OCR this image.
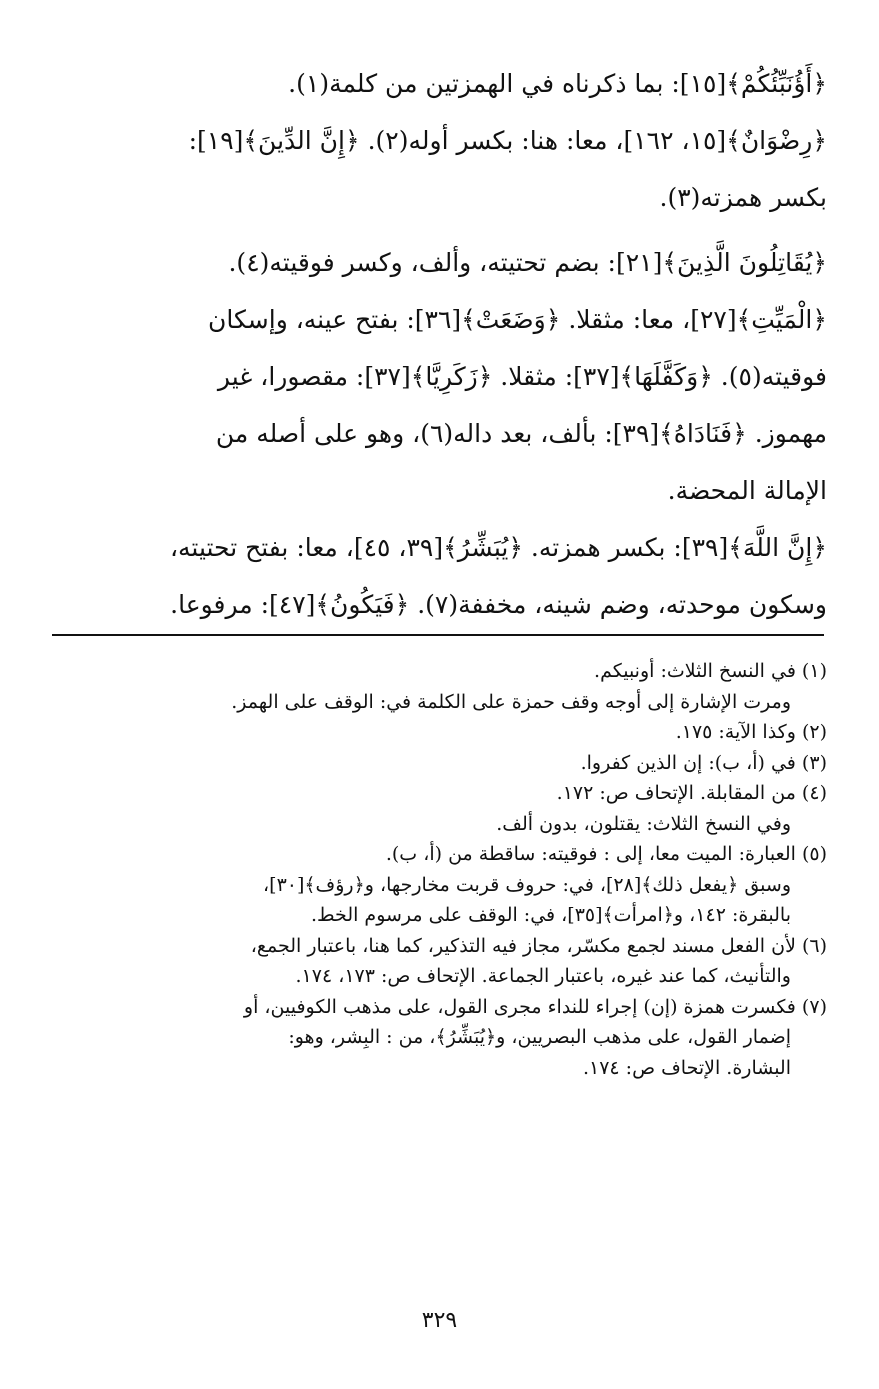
﴿أَؤُنَبِّئُكُمْ﴾[١٥]: بما ذكرناه في الهمزتين من كلمة(١).
﴿رِضْوَانٌ﴾[١٥، ١٦٢]، معا: هنا: بكسر أوله(٢). ﴿إِنَّ الدِّينَ﴾[١٩]:
بكسر همزته(٣).
﴿يُقَاتِلُونَ الَّذِينَ﴾[٢١]: بضم تحتيته، وألف، وكسر فوقيته(٤).
﴿الْمَيِّتِ﴾[٢٧]، معا: مثقلا. ﴿وَضَعَتْ﴾[٣٦]: بفتح عينه، وإسكان
فوقيته(٥). ﴿وَكَفَّلَهَا﴾[٣٧]: مثقلا. ﴿زَكَرِيَّا﴾[٣٧]: مقصورا، غير
مهموز. ﴿فَنَادَاهُ﴾[٣٩]: بألف، بعد داله(٦)، وهو على أصله من
الإمالة المحضة.
﴿إِنَّ اللَّهَ﴾[٣٩]: بكسر همزته. ﴿يُبَشِّرُ﴾[٣٩، ٤٥]، معا: بفتح تحتيته،
وسكون موحدته، وضم شينه، مخففة(٧). ﴿فَيَكُونُ﴾[٤٧]: مرفوعا.
(١) في النسخ الثلاث: أونبيكم.
ومرت الإشارة إلى أوجه وقف حمزة على الكلمة في: الوقف على الهمز.
(٢) وكذا الآية: ١٧٥.
(٣) في (أ، ب): إن الذين كفروا.
(٤) من المقابلة. الإتحاف ص: ١٧٢.
وفي النسخ الثلاث: يقتلون، بدون ألف.
(٥) العبارة: الميت معا، إلى : فوقيته: ساقطة من (أ، ب).
وسبق ﴿يفعل ذلك﴾[٢٨]، في: حروف قربت مخارجها، و﴿رؤف﴾[٣٠]،
بالبقرة: ١٤٢، و﴿امرأت﴾[٣٥]، في: الوقف على مرسوم الخط.
(٦) لأن الفعل مسند لجمع مكسّر، مجاز فيه التذكير، كما هنا، باعتبار الجمع،
والتأنيث، كما عند غيره، باعتبار الجماعة. الإتحاف ص: ١٧٣، ١٧٤.
(٧) فكسرت همزة (إن) إجراء للنداء مجرى القول، على مذهب الكوفيين، أو
إضمار القول، على مذهب البصريين، و﴿يُبَشِّرُ﴾، من : البِشر، وهو:
البشارة. الإتحاف ص: ١٧٤.
٣٢٩
